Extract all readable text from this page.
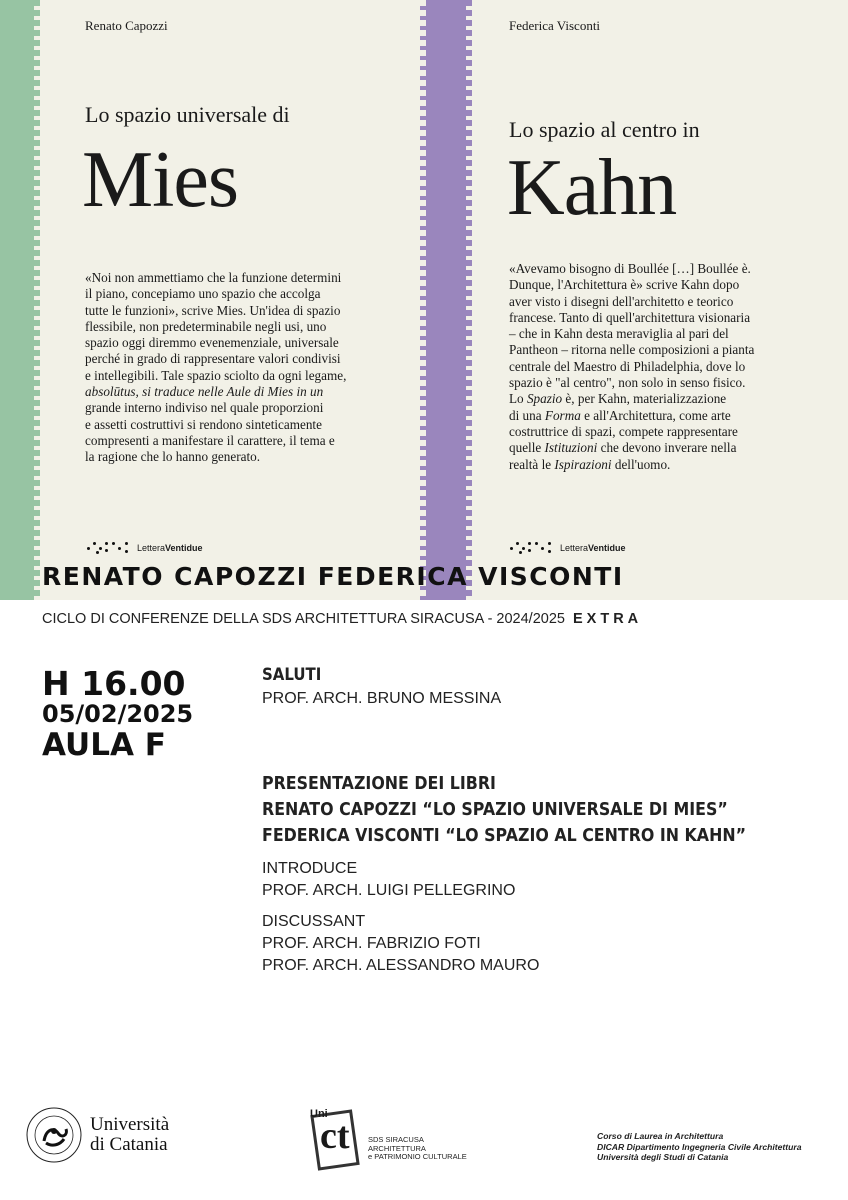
Renato Capozzi
Lo spazio universale di
Mies
«Noi non ammettiamo che la funzione determini
il piano, concepiamo uno spazio che accolga
tutte le funzioni», scrive Mies. Un'idea di spazio
flessibile, non predeterminabile negli usi, uno
spazio oggi diremmo evenemenziale, universale
perché in grado di rappresentare valori condivisi
e intellegibili. Tale spazio sciolto da ogni legame,
absolūtus, si traduce nelle Aule di Mies in un
grande interno indiviso nel quale proporzioni
e assetti costruttivi si rendono sinteticamente
compresenti a manifestare il carattere, il tema e
la ragione che lo hanno generato.
Lettera Ventidue
Federica Visconti
Lo spazio al centro in
Kahn
«Avevamo bisogno di Boullée […] Boullée è.
Dunque, l'Architettura è» scrive Kahn dopo
aver visto i disegni dell'architetto e teorico
francese. Tanto di quell'architettura visionaria
– che in Kahn desta meraviglia al pari del
Pantheon – ritorna nelle composizioni a pianta
centrale del Maestro di Philadelphia, dove lo
spazio è "al centro", non solo in senso fisico.
Lo Spazio è, per Kahn, materializzazione
di una Forma e all'Architettura, come arte
costruttrice di spazi, compete rappresentare
quelle Istituzioni che devono inverare nella
realtà le Ispirazioni dell'uomo.
Lettera Ventidue
RENATO CAPOZZI FEDERICA VISCONTI
CICLO DI CONFERENZE DELLA SDS ARCHITETTURA SIRACUSA - 2024/2025 EXTRA
H 16.00
05/02/2025
AULA F
SALUTI
PROF. ARCH. BRUNO MESSINA
PRESENTAZIONE DEI LIBRI
RENATO CAPOZZI “LO SPAZIO UNIVERSALE DI MIES”
FEDERICA VISCONTI “LO SPAZIO AL CENTRO IN KAHN”
INTRODUCE
PROF. ARCH. LUIGI PELLEGRINO
DISCUSSANT
PROF. ARCH. FABRIZIO FOTI
PROF. ARCH. ALESSANDRO MAURO
Università
di Catania
Uni
ct SDS SIRACUSA
ARCHITETTURA
e PATRIMONIO CULTURALE
Corso di Laurea in Architettura
DICAR Dipartimento Ingegneria Civile Architettura
Università degli Studi di Catania
